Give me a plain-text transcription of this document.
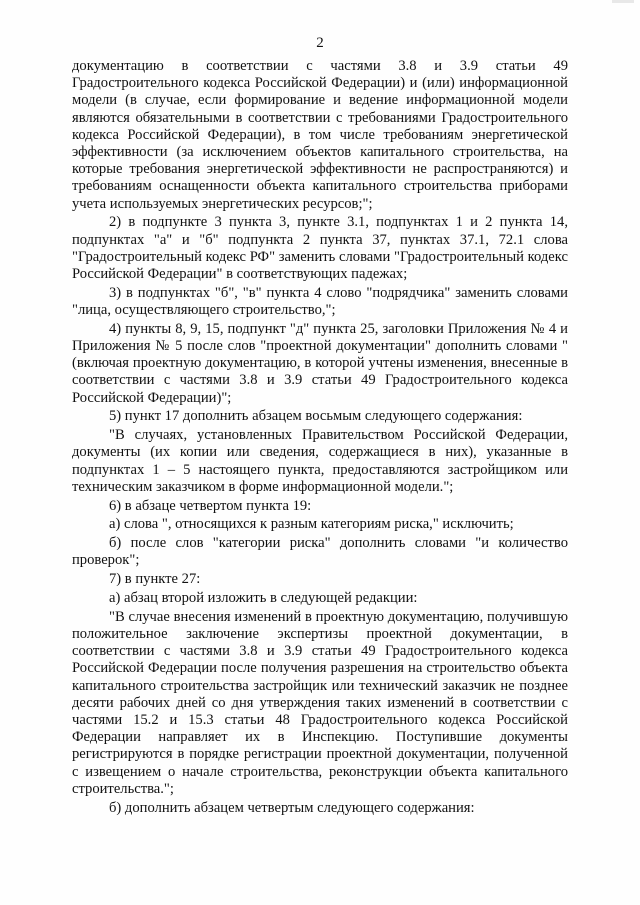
2

документацию в соответствии с частями 3.8 и 3.9 статьи 49 Градостроительного кодекса Российской Федерации) и (или) информационной модели (в случае, если формирование и ведение информационной модели являются обязательными в соответствии с требованиями Градостроительного кодекса Российской Федерации), в том числе требованиям энергетической эффективности (за исключением объектов капитального строительства, на которые требования энергетической эффективности не распространяются) и требованиям оснащенности объекта капитального строительства приборами учета используемых энергетических ресурсов;";

2) в подпункте 3 пункта 3, пункте 3.1, подпунктах 1 и 2 пункта 14, подпунктах "а" и "б" подпункта 2 пункта 37, пунктах 37.1, 72.1 слова "Градостроительный кодекс РФ" заменить словами "Градостроительный кодекс Российской Федерации" в соответствующих падежах;

3) в подпунктах "б", "в" пункта 4 слово "подрядчика" заменить словами "лица, осуществляющего строительство,";

4) пункты 8, 9, 15, подпункт "д" пункта 25, заголовки Приложения № 4 и Приложения № 5 после слов "проектной документации" дополнить словами "(включая проектную документацию, в которой учтены изменения, внесенные в соответствии с частями 3.8 и 3.9 статьи 49 Градостроительного кодекса Российской Федерации)";

5) пункт 17 дополнить абзацем восьмым следующего содержания:

"В случаях, установленных Правительством Российской Федерации, документы (их копии или сведения, содержащиеся в них), указанные в подпунктах 1 – 5 настоящего пункта, предоставляются застройщиком или техническим заказчиком в форме информационной модели.";

6) в абзаце четвертом пункта 19:

а) слова ", относящихся к разным категориям риска," исключить;

б) после слов "категории риска" дополнить словами "и количество проверок";

7) в пункте 27:

а) абзац второй изложить в следующей редакции:

"В случае внесения изменений в проектную документацию, получившую положительное заключение экспертизы проектной документации, в соответствии с частями 3.8 и 3.9 статьи 49 Градостроительного кодекса Российской Федерации после получения разрешения на строительство объекта капитального строительства застройщик или технический заказчик не позднее десяти рабочих дней со дня утверждения таких изменений в соответствии с частями 15.2 и 15.3 статьи 48 Градостроительного кодекса Российской Федерации направляет их в Инспекцию. Поступившие документы регистрируются в порядке регистрации проектной документации, полученной с извещением о начале строительства, реконструкции объекта капитального строительства.";

б) дополнить абзацем четвертым следующего содержания:
